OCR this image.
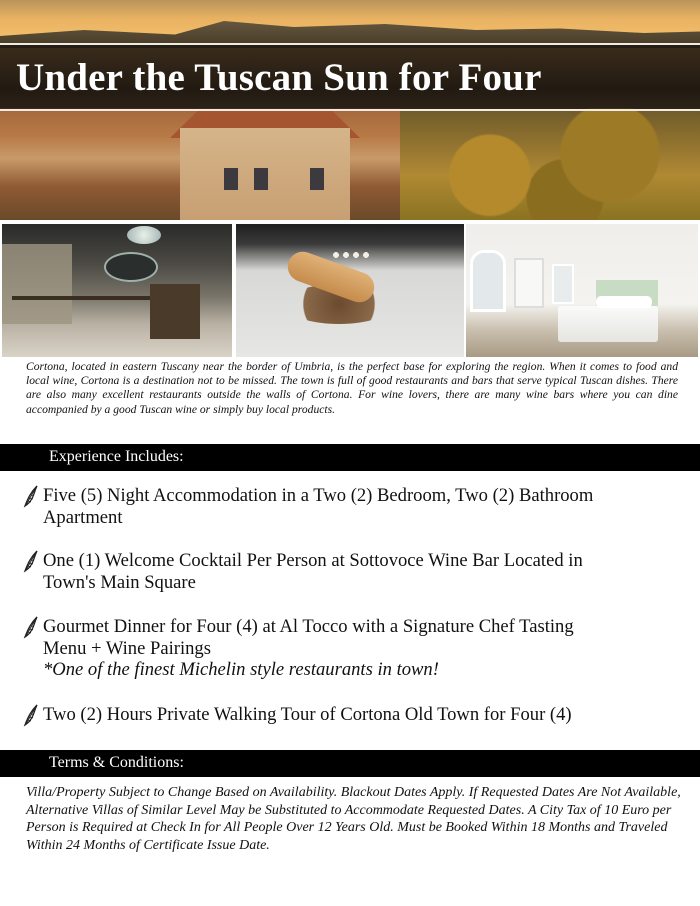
Under the Tuscan Sun for Four

Cortona, located in eastern Tuscany near the border of Umbria, is the perfect base for exploring the region. When it comes to food and local wine, Cortona is a destination not to be missed. The town is full of good restaurants and bars that serve typical Tuscan dishes. There are also many excellent restaurants outside the walls of Cortona. For wine lovers, there are many wine bars where you can dine accompanied by a good Tuscan wine or simply buy local products.

Experience Includes:
Five (5) Night Accommodation in a Two (2) Bedroom, Two (2) Bathroom
Apartment
One (1) Welcome Cocktail Per Person at Sottovoce Wine Bar Located in
Town's Main Square
Gourmet Dinner for Four (4) at Al Tocco with a Signature Chef Tasting
Menu + Wine Pairings
*One of the finest Michelin style restaurants in town!
Two (2) Hours Private Walking Tour of Cortona Old Town for Four (4)
Terms & Conditions:

Villa/Property Subject to Change Based on Availability. Blackout Dates Apply. If Requested Dates Are Not Available, Alternative Villas of Similar Level May be Substituted to Accommodate Requested Dates. A City Tax of 10 Euro per Person is Required at Check In for All People Over 12 Years Old. Must be Booked Within 18 Months and Traveled Within 24 Months of Certificate Issue Date.
